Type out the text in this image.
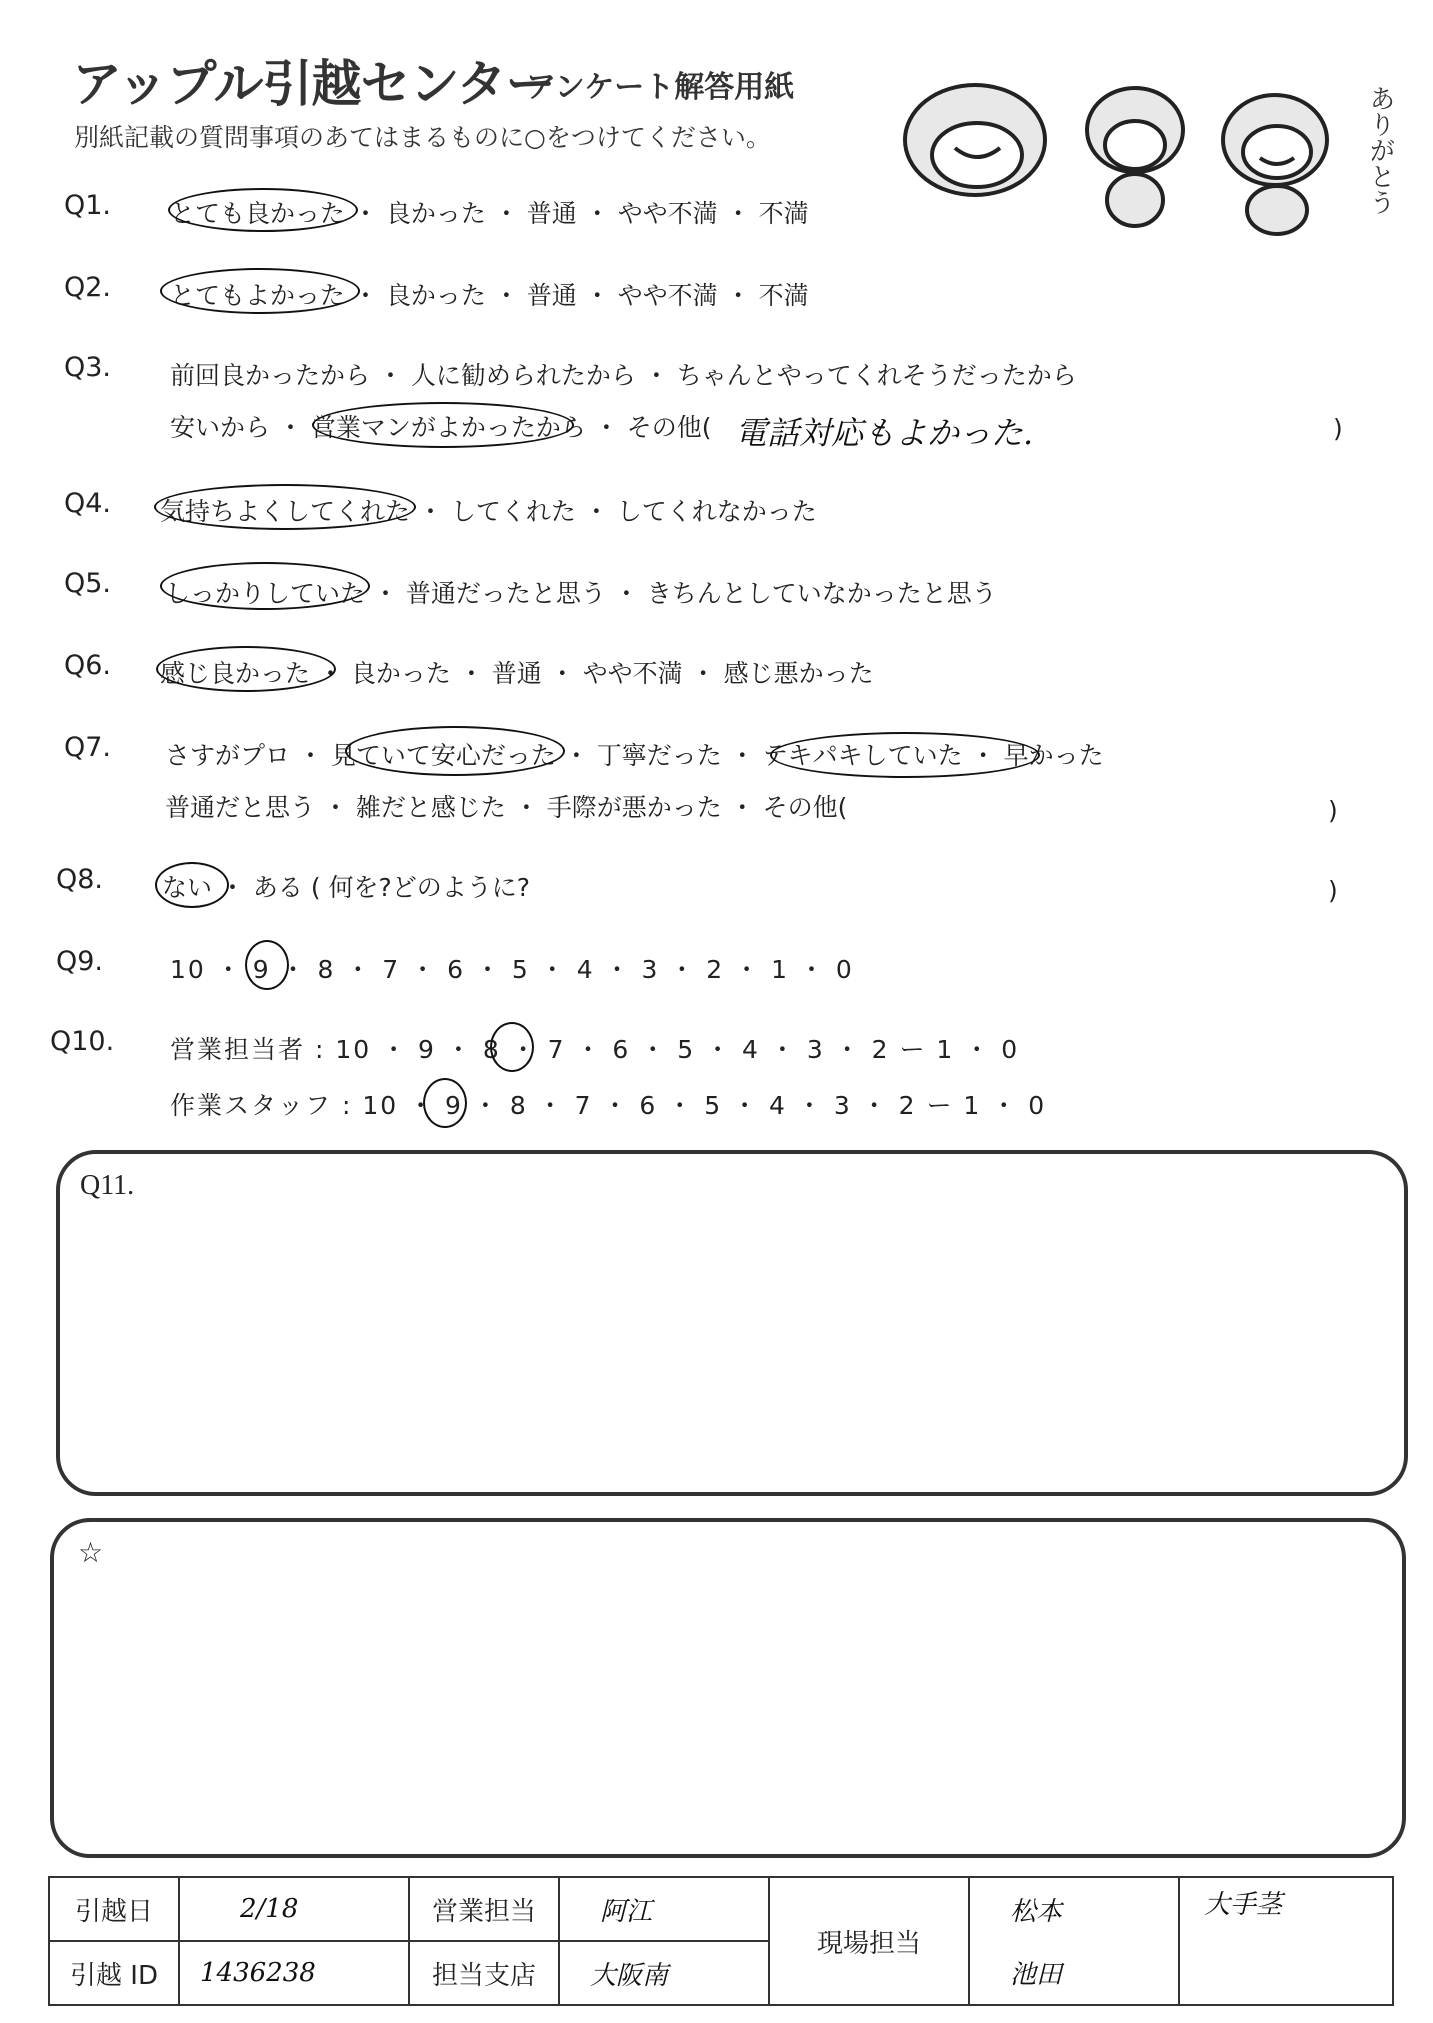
アップル引越センター
アンケート解答用紙
別紙記載の質問事項のあてはまるものに○をつけてください。	ありがとう
Q1. とても良かった ・ 良かった ・ 普通 ・ やや不満 ・ 不満
Q2. とてもよかった ・ 良かった ・ 普通 ・ やや不満 ・ 不満
Q3. 前回良かったから ・ 人に勧められたから ・ ちゃんとやってくれそうだったから
安いから ・ 営業マンがよかったから ・ その他( 電話対応もよかった.	)
Q4. 気持ちよくしてくれた ・ してくれた ・ してくれなかった
Q5. しっかりしていた ・ 普通だったと思う ・ きちんとしていなかったと思う
Q6. 感じ良かった ・ 良かった ・ 普通 ・ やや不満 ・ 感じ悪かった
Q7. さすがプロ ・ 見ていて安心だった ・ 丁寧だった ・ テキパキしていた ・ 早かった
普通だと思う ・ 雑だと感じた ・ 手際が悪かった ・ その他(	)
Q8. ない ・ ある ( 何を?どのように?	)
Q9.	10 ・ 9 ・ 8 ・ 7 ・ 6 ・ 5 ・ 4 ・ 3 ・ 2 ・ 1 ・ 0
Q10. 営業担当者 : 10 ・ 9 ・ 8 ・ 7 ・ 6 ・ 5 ・ 4 ・ 3 ・ 2 ー 1 ・ 0
作業スタッフ : 10 ・ 9 ・ 8 ・ 7 ・ 6 ・ 5 ・ 4 ・ 3 ・ 2 ー 1 ・ 0
Q11.
☆
引越日	2/18	営業担当	阿江	現場担当	松本	大手茎
引越 ID	1436238	担当支店	大阪南		池田	
